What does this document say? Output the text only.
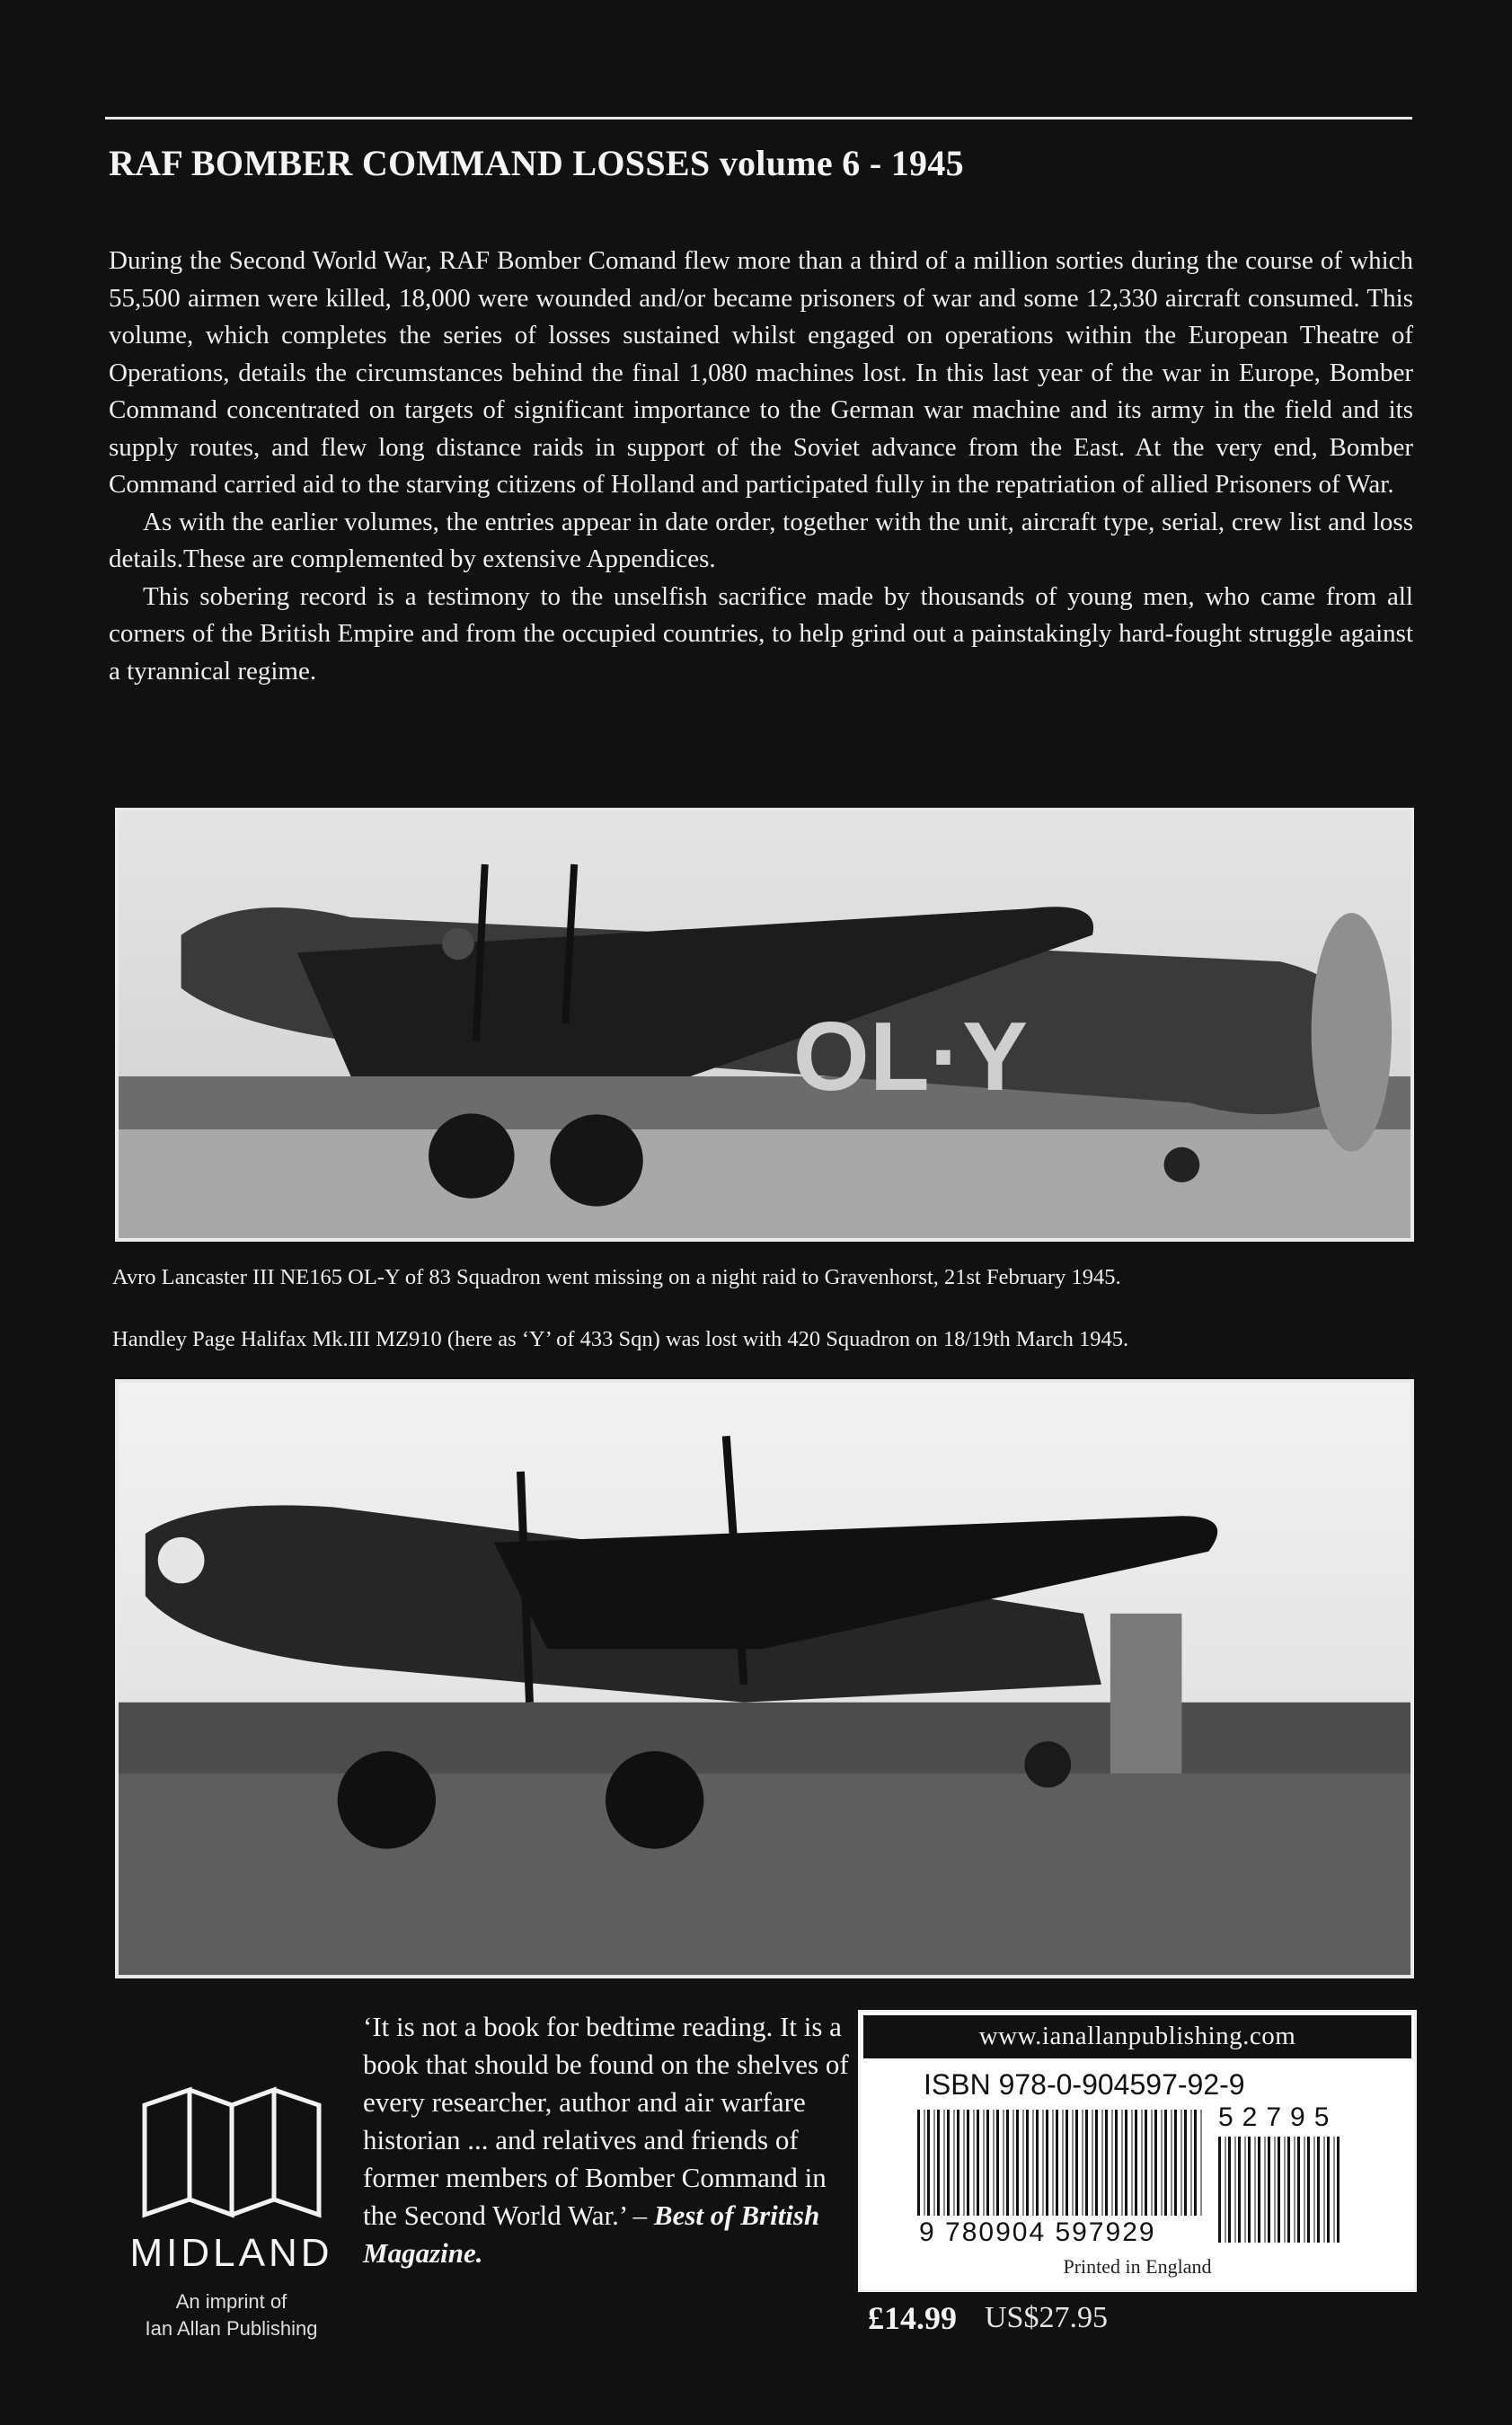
RAF BOMBER COMMAND LOSSES volume 6 - 1945

During the Second World War, RAF Bomber Comand flew more than a third of a million sorties during the course of which 55,500 airmen were killed, 18,000 were wounded and/or became prisoners of war and some 12,330 aircraft consumed. This volume, which completes the series of losses sustained whilst engaged on operations within the European Theatre of Operations, details the circumstances behind the final 1,080 machines lost. In this last year of the war in Europe, Bomber Command concentrated on targets of significant importance to the German war machine and its army in the field and its supply routes, and flew long distance raids in support of the Soviet advance from the East. At the very end, Bomber Command carried aid to the starving citizens of Holland and participated fully in the repatriation of allied Prisoners of War.

As with the earlier volumes, the entries appear in date order, together with the unit, aircraft type, serial, crew list and loss details.These are complemented by extensive Appendices.

This sobering record is a testimony to the unselfish sacrifice made by thousands of young men, who came from all corners of the British Empire and from the occupied countries, to help grind out a painstakingly hard-fought struggle against a tyrannical regime.

OL·Y
Avro Lancaster III NE165 OL-Y of 83 Squadron went missing on a night raid to Gravenhorst, 21st February 1945.
Handley Page Halifax Mk.III MZ910 (here as ‘Y’ of 433 Sqn) was lost with 420 Squadron on 18/19th March 1945.
‘It is not a book for bedtime reading. It is a book that should be found on the shelves of every researcher, author and air warfare historian ... and relatives and friends of former members of Bomber Command in the Second World War.’ – Best of British Magazine.
MIDLAND
An imprint of
Ian Allan Publishing
www.ianallanpublishing.com
ISBN 978-0-904597-92-9
9 780904 597929
52795
Printed in England
£14.99 US$27.95
